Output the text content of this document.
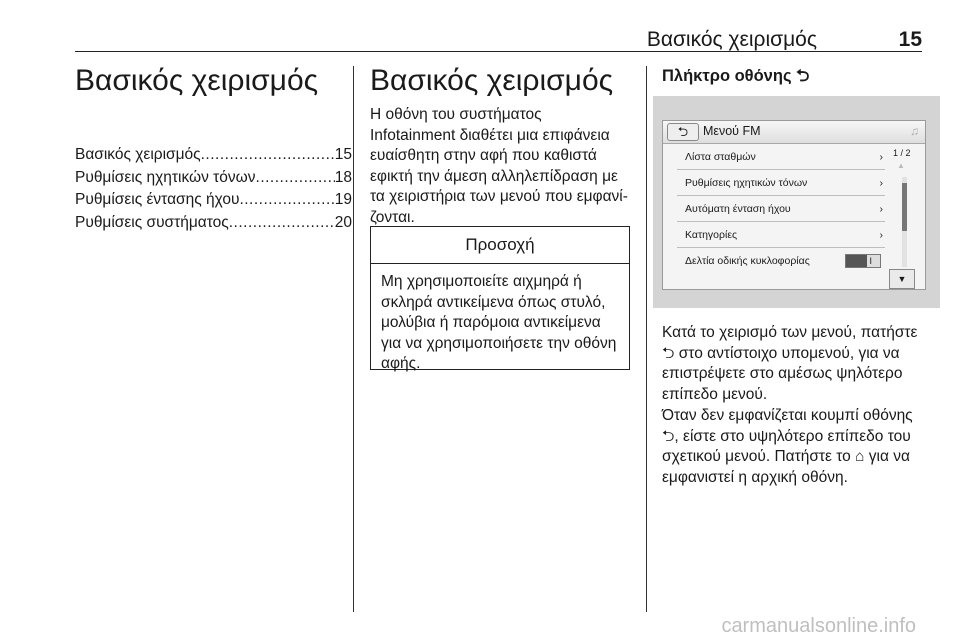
Βασικός χειρισμός	15
Βασικός χειρισμός
Βασικός χειρισμός .....	15
Ρυθμίσεις ηχητικών τόνων .....	18
Ρυθμίσεις έντασης ήχου .....	19
Ρυθμίσεις συστήματος .....	20
Βασικός χειρισμός
Η οθόνη του συστήματος
Infotainment διαθέτει μια επιφάνεια
ευαίσθητη στην αφή που καθιστά
εφικτή την άμεση αλληλεπίδραση με
τα χειριστήρια των μενού που εμφανί-
ζονται.
Προσοχή
Μη χρησιμοποιείτε αιχμηρά ή
σκληρά αντικείμενα όπως στυλό,
μολύβια ή παρόμοια αντικείμενα
για να χρησιμοποιήσετε την οθόνη
αφής.
Πλήκτρο οθόνης ⮌
⮌	Μενού FM	♫
1 / 2
▲
▼
Λίστα σταθμών	›
Ρυθμίσεις ηχητικών τόνων	›
Αυτόματη ένταση ήχου	›
Κατηγορίες	›
Δελτία οδικής κυκλοφορίας	I
Κατά το χειρισμό των μενού, πατήστε
⮌ στο αντίστοιχο υπομενού, για να
επιστρέψετε στο αμέσως ψηλότερο
επίπεδο μενού.
Όταν δεν εμφανίζεται κουμπί οθόνης
⮌, είστε στο υψηλότερο επίπεδο του
σχετικού μενού. Πατήστε το ⌂ για να
εμφανιστεί η αρχική οθόνη.
carmanualsonline.info
